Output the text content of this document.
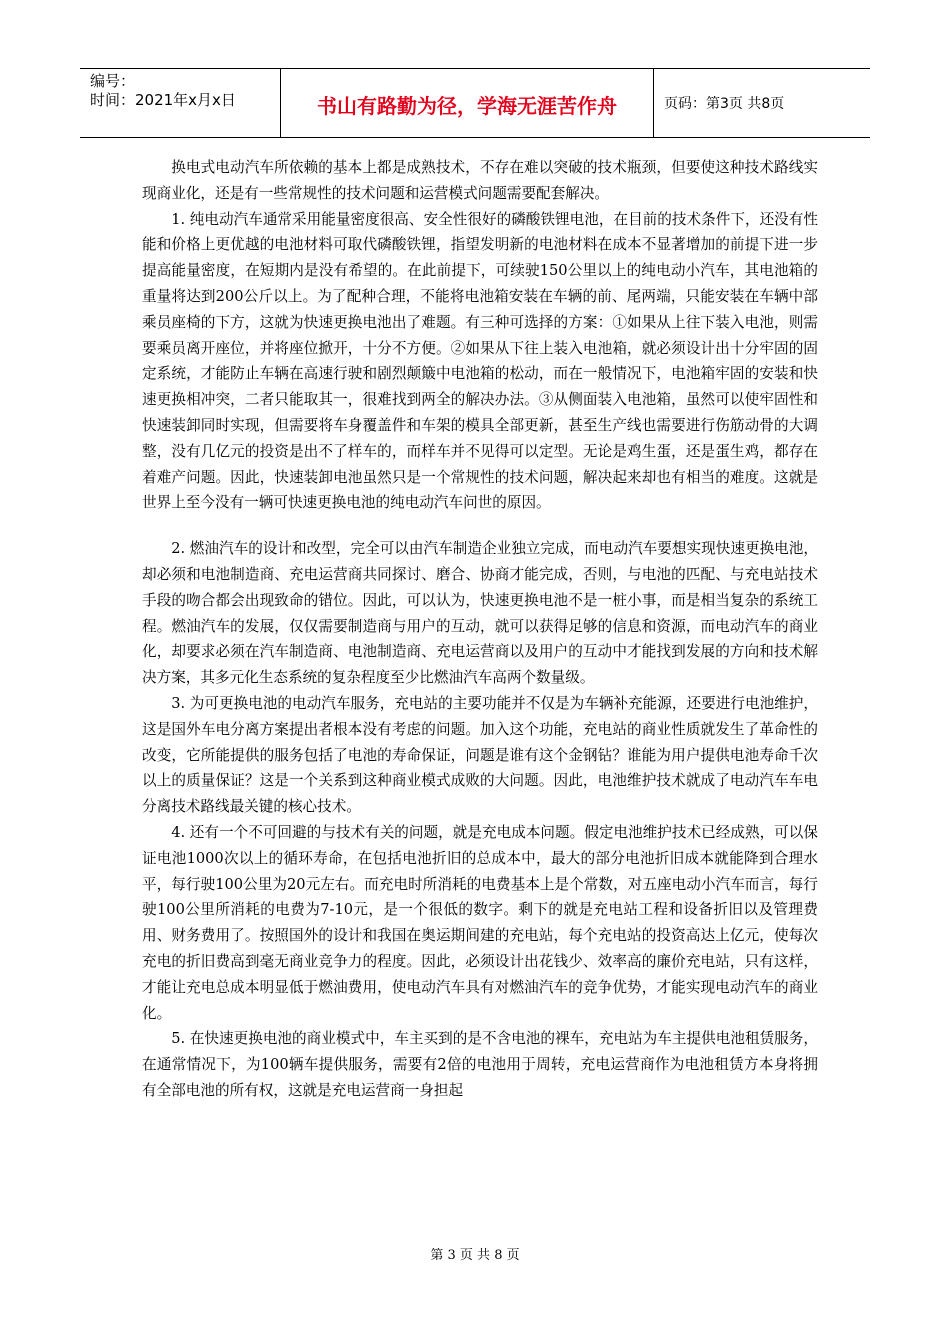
编号：
时间：2021年x月x日	书山有路勤为径，学海无涯苦作舟	页码：第3页 共8页

换电式电动汽车所依赖的基本上都是成熟技术，不存在难以突破的技术瓶颈，但要使这种技术路线实现商业化，还是有一些常规性的技术问题和运营模式问题需要配套解决。

1. 纯电动汽车通常采用能量密度很高、安全性很好的磷酸铁锂电池，在目前的技术条件下，还没有性能和价格上更优越的电池材料可取代磷酸铁锂，指望发明新的电池材料在成本不显著增加的前提下进一步提高能量密度，在短期内是没有希望的。在此前提下，可续驶150公里以上的纯电动小汽车，其电池箱的重量将达到200公斤以上。为了配种合理，不能将电池箱安装在车辆的前、尾两端，只能安装在车辆中部乘员座椅的下方，这就为快速更换电池出了难题。有三种可选择的方案：①如果从上往下装入电池，则需要乘员离开座位，并将座位掀开，十分不方便。②如果从下往上装入电池箱，就必须设计出十分牢固的固定系统，才能防止车辆在高速行驶和剧烈颠簸中电池箱的松动，而在一般情况下，电池箱牢固的安装和快速更换相冲突，二者只能取其一，很难找到两全的解决办法。③从侧面装入电池箱，虽然可以使牢固性和快速装卸同时实现，但需要将车身覆盖件和车架的模具全部更新，甚至生产线也需要进行伤筋动骨的大调整，没有几亿元的投资是出不了样车的，而样车并不见得可以定型。无论是鸡生蛋，还是蛋生鸡，都存在着难产问题。因此，快速装卸电池虽然只是一个常规性的技术问题，解决起来却也有相当的难度。这就是世界上至今没有一辆可快速更换电池的纯电动汽车问世的原因。

2. 燃油汽车的设计和改型，完全可以由汽车制造企业独立完成，而电动汽车要想实现快速更换电池，却必须和电池制造商、充电运营商共同探讨、磨合、协商才能完成，否则，与电池的匹配、与充电站技术手段的吻合都会出现致命的错位。因此，可以认为，快速更换电池不是一桩小事，而是相当复杂的系统工程。燃油汽车的发展，仅仅需要制造商与用户的互动，就可以获得足够的信息和资源，而电动汽车的商业化，却要求必须在汽车制造商、电池制造商、充电运营商以及用户的互动中才能找到发展的方向和技术解决方案，其多元化生态系统的复杂程度至少比燃油汽车高两个数量级。

3. 为可更换电池的电动汽车服务，充电站的主要功能并不仅是为车辆补充能源，还要进行电池维护，这是国外车电分离方案提出者根本没有考虑的问题。加入这个功能，充电站的商业性质就发生了革命性的改变，它所能提供的服务包括了电池的寿命保证，问题是谁有这个金钢钻？谁能为用户提供电池寿命千次以上的质量保证？这是一个关系到这种商业模式成败的大问题。因此，电池维护技术就成了电动汽车车电分离技术路线最关键的核心技术。

4. 还有一个不可回避的与技术有关的问题，就是充电成本问题。假定电池维护技术已经成熟，可以保证电池1000次以上的循环寿命，在包括电池折旧的总成本中，最大的部分电池折旧成本就能降到合理水平，每行驶100公里为20元左右。而充电时所消耗的电费基本上是个常数，对五座电动小汽车而言，每行驶100公里所消耗的电费为7-10元，是一个很低的数字。剩下的就是充电站工程和设备折旧以及管理费用、财务费用了。按照国外的设计和我国在奥运期间建的充电站，每个充电站的投资高达上亿元，使每次充电的折旧费高到毫无商业竞争力的程度。因此，必须设计出花钱少、效率高的廉价充电站，只有这样，才能让充电总成本明显低于燃油费用，使电动汽车具有对燃油汽车的竞争优势，才能实现电动汽车的商业化。

5. 在快速更换电池的商业模式中，车主买到的是不含电池的裸车，充电站为车主提供电池租赁服务，在通常情况下，为100辆车提供服务，需要有2倍的电池用于周转，充电运营商作为电池租赁方本身将拥有全部电池的所有权，这就是充电运营商一身担起

第 3 页 共 8 页
